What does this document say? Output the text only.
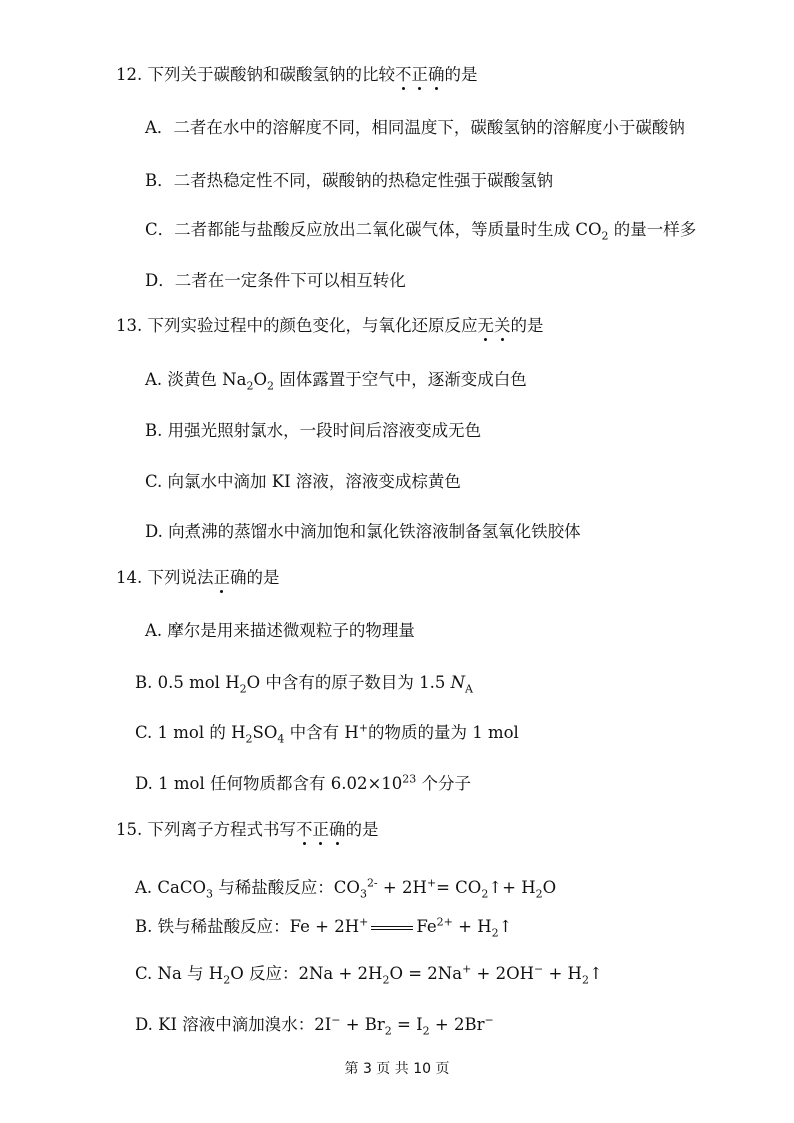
12. 下列关于碳酸钠和碳酸氢钠的比较不正确的是
A．二者在水中的溶解度不同，相同温度下，碳酸氢钠的溶解度小于碳酸钠
B．二者热稳定性不同，碳酸钠的热稳定性强于碳酸氢钠
C．二者都能与盐酸反应放出二氧化碳气体，等质量时生成 $CO_2$ 的量一样多
D．二者在一定条件下可以相互转化
13. 下列实验过程中的颜色变化，与氧化还原反应无关的是
A. 淡黄色 $Na_2O_2$ 固体露置于空气中，逐渐变成白色
B. 用强光照射氯水，一段时间后溶液变成无色
C. 向氯水中滴加 KI 溶液，溶液变成棕黄色
D. 向煮沸的蒸馏水中滴加饱和氯化铁溶液制备氢氧化铁胶体
14. 下列说法正确的是
A. 摩尔是用来描述微观粒子的物理量
B. 0.5 mol $H_2O$ 中含有的原子数目为 1.5 $N_A$
C. 1 mol 的 $H_2SO_4$ 中含有 H+的物质的量为 1 mol
D. 1 mol 任何物质都含有 $6.02\times 10^{23}$ 个分子
15. 下列离子方程式书写不正确的是
A. CaCO$_3$ 与稀盐酸反应：$CO_3^{2-} + 2H^+=$ $CO_2↑+ H_2O$
B. 铁与稀盐酸反应：Fe + 2H+	$Fe^{2+}$ + $H_2↑$
C. Na 与 $H_2O$ 反应：$2Na + 2H_2O = 2Na^+ + 2OH^-$ + $H_2↑$
D. KI 溶液中滴加溴水：$2I^- + Br_2 = I_2 + 2Br^-$
第 3 页 共 10 页
